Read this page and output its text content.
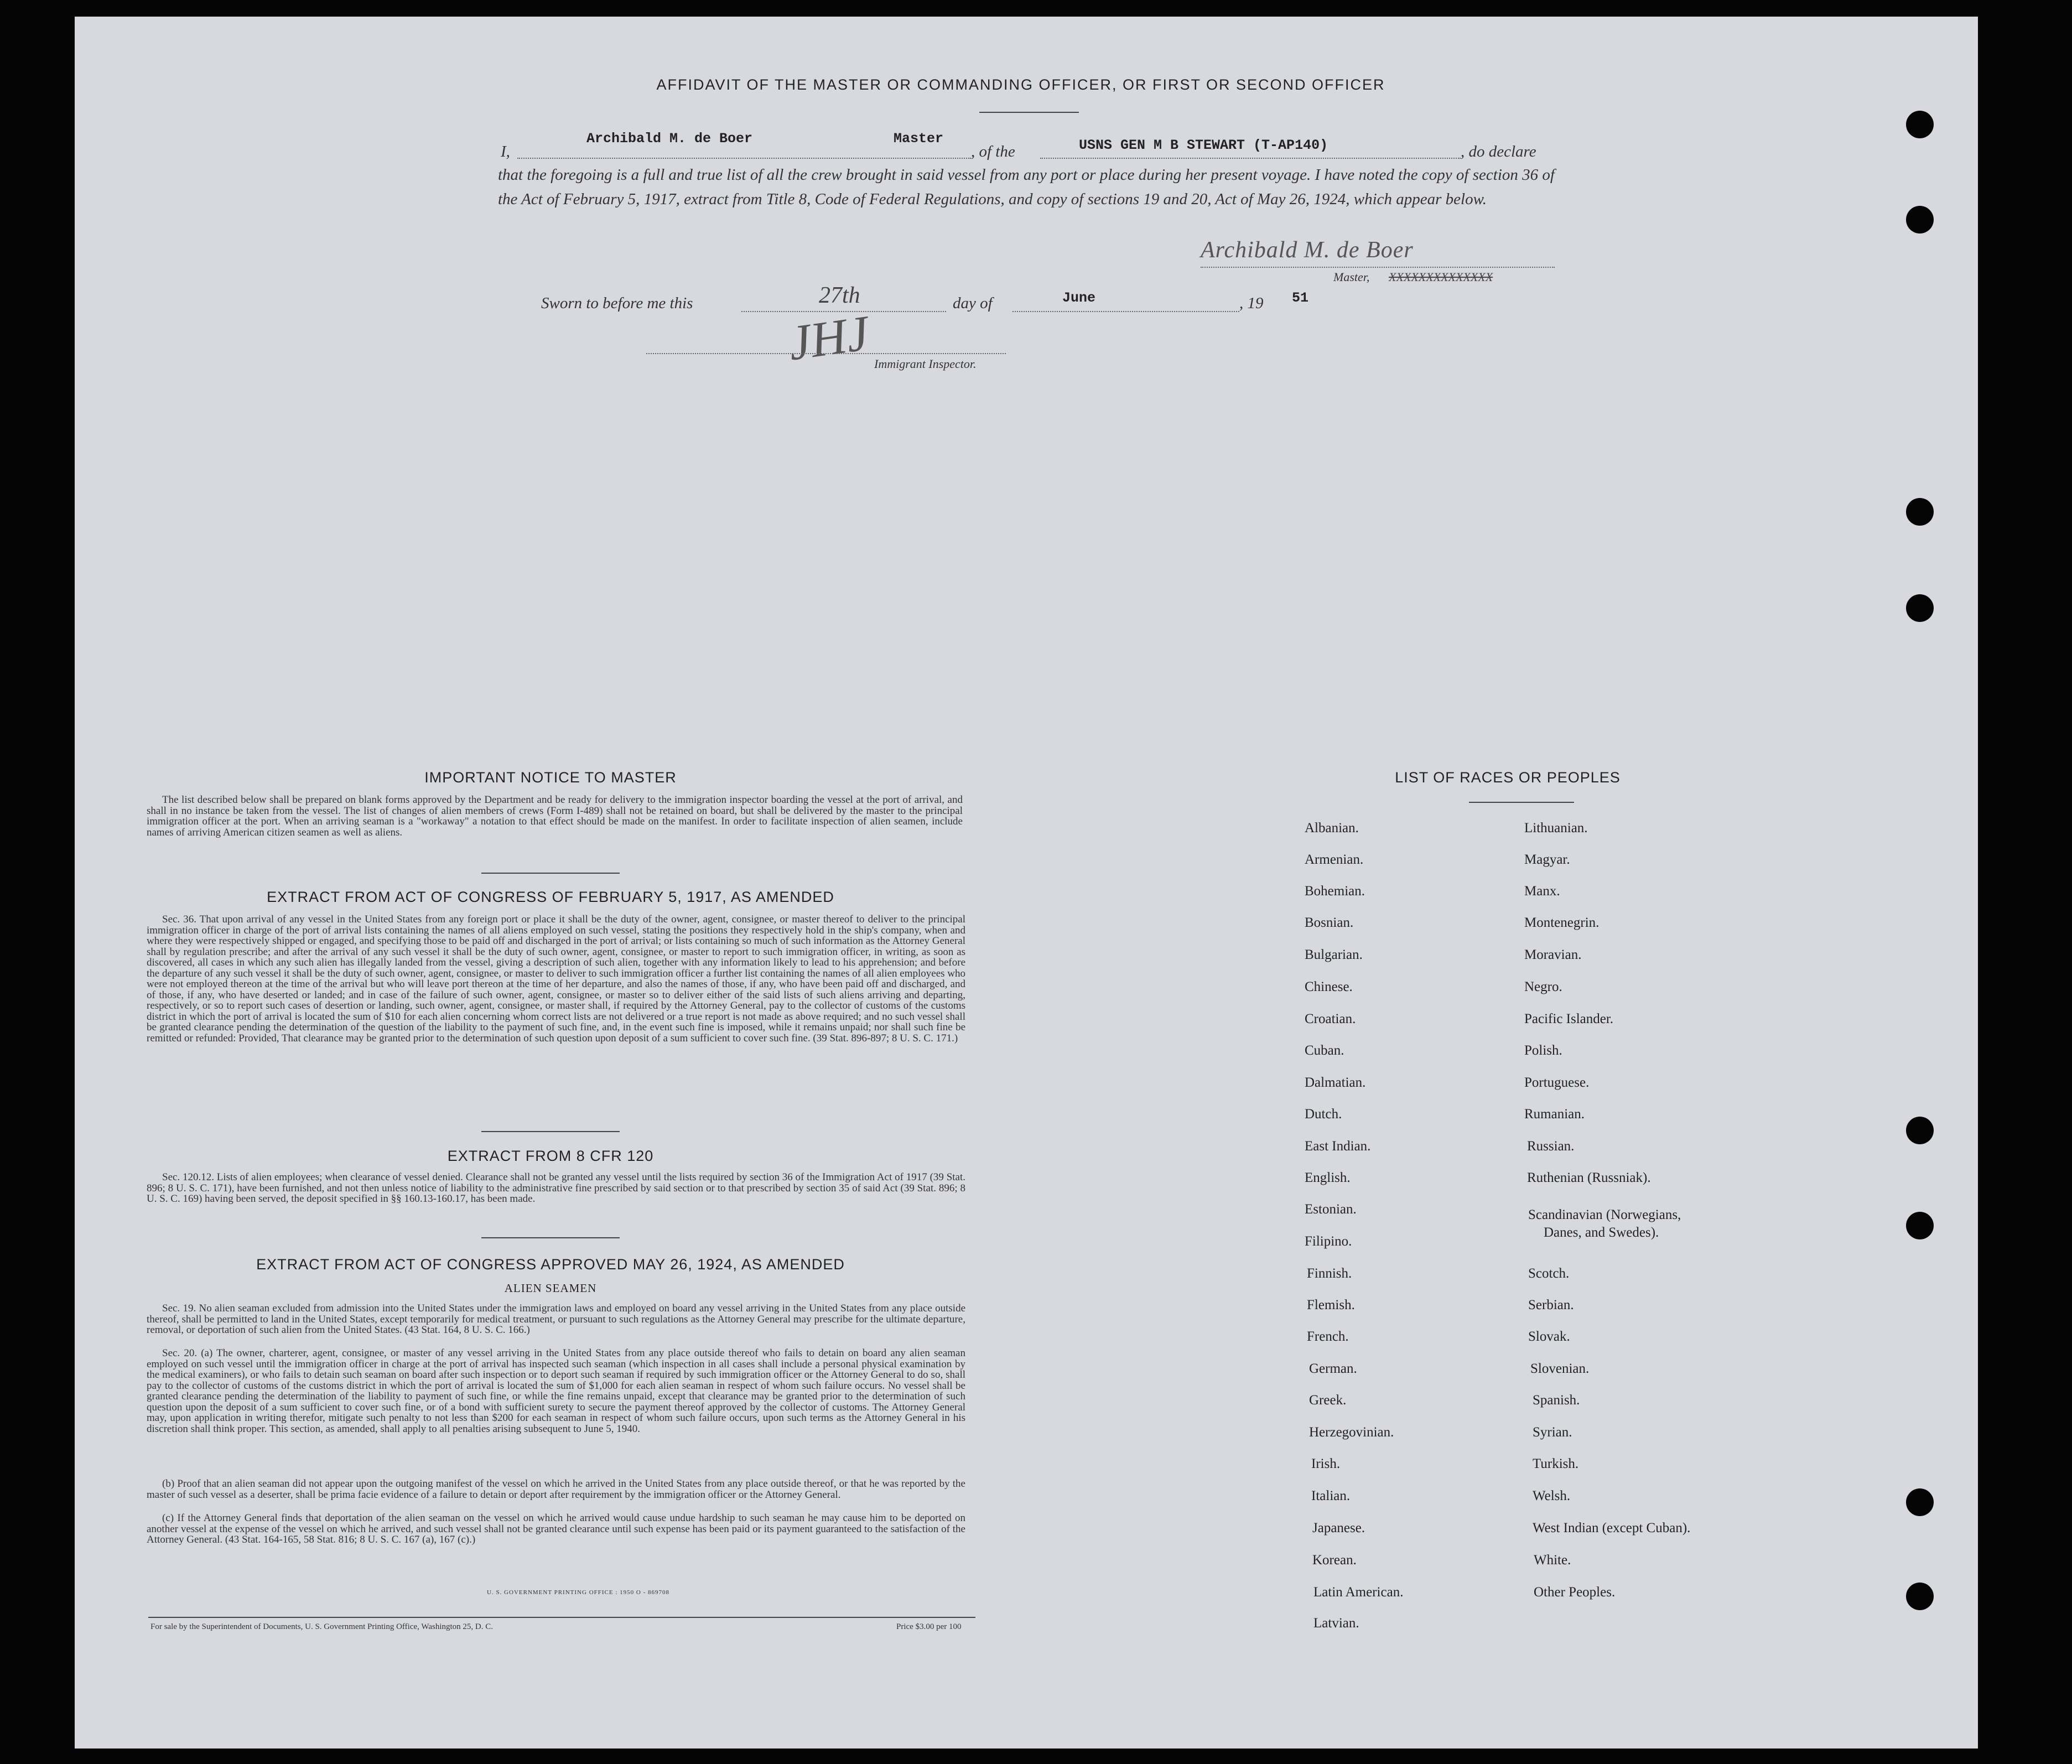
AFFIDAVIT OF THE MASTER OR COMMANDING OFFICER, OR FIRST OR SECOND OFFICER
I,
Archibald M. de Boer	Master
, of the	USNS GEN M B STEWART (T-AP140)	, do declare
that the foregoing is a full and true list of all the crew brought in said vessel from any port or place during her present voyage. I have noted the copy of section 36 of the Act of February 5, 1917, extract from Title 8, Code of Federal Regulations, and copy of sections 19 and 20, Act of May 26, 1924, which appear below.
Archibald M. de Boer
Master, XXXXXXXXXXXXXX
Sworn to before me this	27th	day of	June	, 19 51
JHJ Immigrant Inspector.
IMPORTANT NOTICE TO MASTER
The list described below shall be prepared on blank forms approved by the Department and be ready for delivery to the immigration inspector boarding the vessel at the port of arrival, and shall in no instance be taken from the vessel. The list of changes of alien members of crews (Form I-489) shall not be retained on board, but shall be delivered by the master to the principal immigration officer at the port. When an arriving seaman is a "workaway" a notation to that effect should be made on the manifest. In order to facilitate inspection of alien seamen, include names of arriving American citizen seamen as well as aliens.
EXTRACT FROM ACT OF CONGRESS OF FEBRUARY 5, 1917, AS AMENDED
Sec. 36. That upon arrival of any vessel in the United States from any foreign port or place it shall be the duty of the owner, agent, consignee, or master thereof to deliver to the principal immigration officer in charge of the port of arrival lists containing the names of all aliens employed on such vessel, stating the positions they respectively hold in the ship's company, when and where they were respectively shipped or engaged, and specifying those to be paid off and discharged in the port of arrival; or lists containing so much of such information as the Attorney General shall by regulation prescribe; and after the arrival of any such vessel it shall be the duty of such owner, agent, consignee, or master to report to such immigration officer, in writing, as soon as discovered, all cases in which any such alien has illegally landed from the vessel, giving a description of such alien, together with any information likely to lead to his apprehension; and before the departure of any such vessel it shall be the duty of such owner, agent, consignee, or master to deliver to such immigration officer a further list containing the names of all alien employees who were not employed thereon at the time of the arrival but who will leave port thereon at the time of her departure, and also the names of those, if any, who have been paid off and discharged, and of those, if any, who have deserted or landed; and in case of the failure of such owner, agent, consignee, or master so to deliver either of the said lists of such aliens arriving and departing, respectively, or so to report such cases of desertion or landing, such owner, agent, consignee, or master shall, if required by the Attorney General, pay to the collector of customs of the customs district in which the port of arrival is located the sum of $10 for each alien concerning whom correct lists are not delivered or a true report is not made as above required; and no such vessel shall be granted clearance pending the determination of the question of the liability to the payment of such fine, and, in the event such fine is imposed, while it remains unpaid; nor shall such fine be remitted or refunded: Provided, That clearance may be granted prior to the determination of such question upon deposit of a sum sufficient to cover such fine. (39 Stat. 896-897; 8 U. S. C. 171.)
EXTRACT FROM 8 CFR 120
Sec. 120.12. Lists of alien employees; when clearance of vessel denied. Clearance shall not be granted any vessel until the lists required by section 36 of the Immigration Act of 1917 (39 Stat. 896; 8 U. S. C. 171), have been furnished, and not then unless notice of liability to the administrative fine prescribed by said section or to that prescribed by section 35 of said Act (39 Stat. 896; 8 U. S. C. 169) having been served, the deposit specified in §§ 160.13-160.17, has been made.
EXTRACT FROM ACT OF CONGRESS APPROVED MAY 26, 1924, AS AMENDED
ALIEN SEAMEN
Sec. 19. No alien seaman excluded from admission into the United States under the immigration laws and employed on board any vessel arriving in the United States from any place outside thereof, shall be permitted to land in the United States, except temporarily for medical treatment, or pursuant to such regulations as the Attorney General may prescribe for the ultimate departure, removal, or deportation of such alien from the United States. (43 Stat. 164, 8 U. S. C. 166.)
Sec. 20. (a) The owner, charterer, agent, consignee, or master of any vessel arriving in the United States from any place outside thereof who fails to detain on board any alien seaman employed on such vessel until the immigration officer in charge at the port of arrival has inspected such seaman (which inspection in all cases shall include a personal physical examination by the medical examiners), or who fails to detain such seaman on board after such inspection or to deport such seaman if required by such immigration officer or the Attorney General to do so, shall pay to the collector of customs of the customs district in which the port of arrival is located the sum of $1,000 for each alien seaman in respect of whom such failure occurs. No vessel shall be granted clearance pending the determination of the liability to payment of such fine, or while the fine remains unpaid, except that clearance may be granted prior to the determination of such question upon the deposit of a sum sufficient to cover such fine, or of a bond with sufficient surety to secure the payment thereof approved by the collector of customs. The Attorney General may, upon application in writing therefor, mitigate such penalty to not less than $200 for each seaman in respect of whom such failure occurs, upon such terms as the Attorney General in his discretion shall think proper. This section, as amended, shall apply to all penalties arising subsequent to June 5, 1940.
(b) Proof that an alien seaman did not appear upon the outgoing manifest of the vessel on which he arrived in the United States from any place outside thereof, or that he was reported by the master of such vessel as a deserter, shall be prima facie evidence of a failure to detain or deport after requirement by the immigration officer or the Attorney General.
(c) If the Attorney General finds that deportation of the alien seaman on the vessel on which he arrived would cause undue hardship to such seaman he may cause him to be deported on another vessel at the expense of the vessel on which he arrived, and such vessel shall not be granted clearance until such expense has been paid or its payment guaranteed to the satisfaction of the Attorney General. (43 Stat. 164-165, 58 Stat. 816; 8 U. S. C. 167 (a), 167 (c).)
U. S. GOVERNMENT PRINTING OFFICE : 1950 O - 869708
For sale by the Superintendent of Documents, U. S. Government Printing Office, Washington 25, D. C.	Price $3.00 per 100
LIST OF RACES OR PEOPLES
Albanian.
Armenian.
Bohemian.
Bosnian.
Bulgarian.
Chinese.
Croatian.
Cuban.
Dalmatian.
Dutch.
East Indian.
English.
Estonian.
Filipino.
Finnish.
Flemish.
French.
German.
Greek.
Herzegovinian.
Irish.
Italian.
Japanese.
Korean.
Latin American.
Latvian.
Lithuanian.
Magyar.
Manx.
Montenegrin.
Moravian.
Negro.
Pacific Islander.
Polish.
Portuguese.
Rumanian.
Russian.
Ruthenian (Russniak).
Scandinavian (Norwegians,
Danes, and Swedes).
Scotch.
Serbian.
Slovak.
Slovenian.
Spanish.
Syrian.
Turkish.
Welsh.
West Indian (except Cuban).
White.
Other Peoples.
